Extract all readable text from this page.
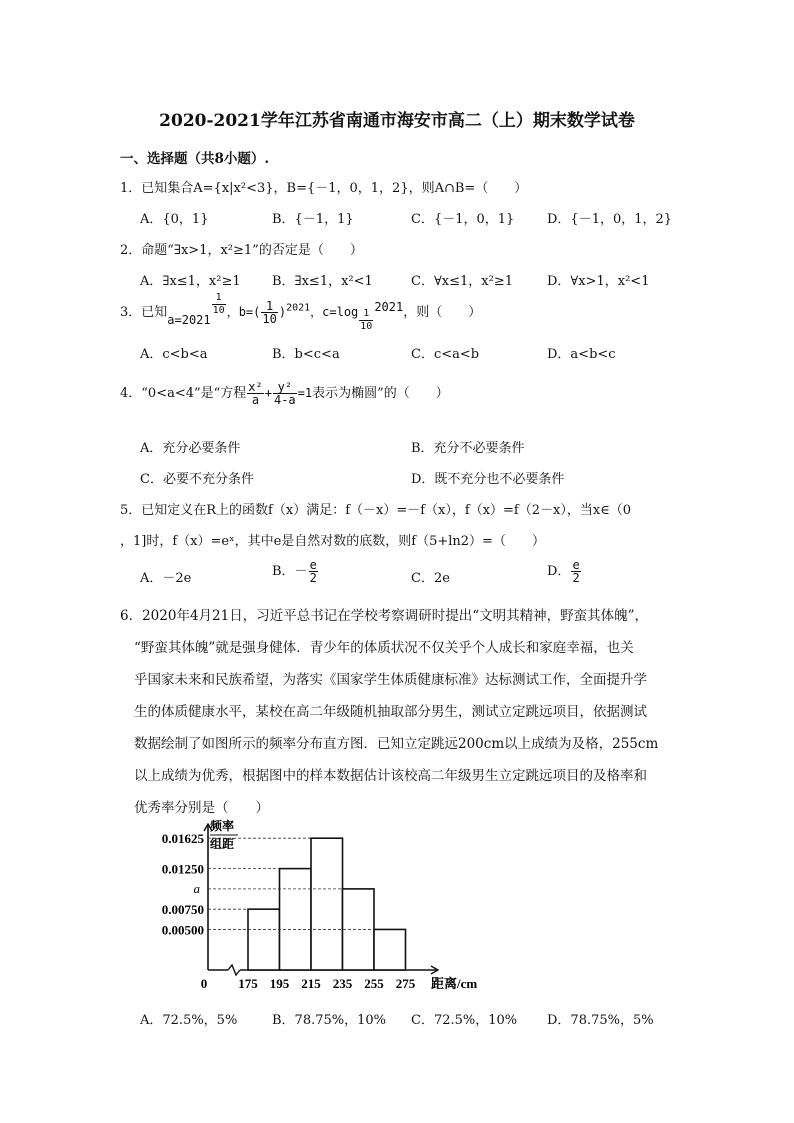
2020-2021学年江苏省南通市海安市高二（上）期末数学试卷
一、选择题（共8小题）.
1．已知集合A={x|x²<3}，B={－1，0，1，2}，则A∩B=（　　）
A．{0，1}	B．{－1，1}	C．{－1，0，1}	D．{－1，0，1，2}
2．命题“∃x>1，x²≥1”的否定是（　　）
A．∃x≤1，x²≥1 B．∃x≤1，x²<1	C．∀x≤1，x²≥1	D．∀x>1，x²<1
3．已知a=2021
$\frac{1}{10}$ ，$b=( \frac{1}{10} )^{2021}$，$c=\log \frac{1}{10}$
2021，则（　　）
A．c<b<a	B．b<c<a	C．c<a<b	D．a<b<c
4．“0<a<4”是“方程 $\frac{\text{x²}}{a} + \frac{\text{y²}}{4-a} =1$表示为椭圆”的（　　）
A．充分必要条件	B．充分不必要条件
C．必要不充分条件	D．既不充分也不必要条件
5．已知定义在R上的函数f（x）满足：f（－x）=－f（x），f（x）=f（2－x），当x∈（0
，1]时，f（x）=eˣ，其中e是自然对数的底数，则f（5+ln2）=（　　）
A．－2e	B．－ $\frac{e}{2}$	C．2e	D． $\frac{e}{2}$
6．2020年4月21日，习近平总书记在学校考察调研时提出“文明其精神，野蛮其体魄”，
“野蛮其体魄”就是强身健体．青少年的体质状况不仅关乎个人成长和家庭幸福，也关
乎国家未来和民族希望，为落实《国家学生体质健康标准》达标测试工作，全面提升学
生的体质健康水平，某校在高二年级随机抽取部分男生，测试立定跳远项目，依据测试
数据绘制了如图所示的频率分布直方图．已知立定跳远200cm以上成绩为及格，255cm
以上成绩为优秀，根据图中的样本数据估计该校高二年级男生立定跳远项目的及格率和
优秀率分别是（　　）
频率
组距
0.01625
0.01250
a
0.00750
0.00500
175 195 215 235 255 275
0	距离/cm
A．72.5%，5%	B．78.75%，10% C．72.5%，10% D．78.75%，5%
